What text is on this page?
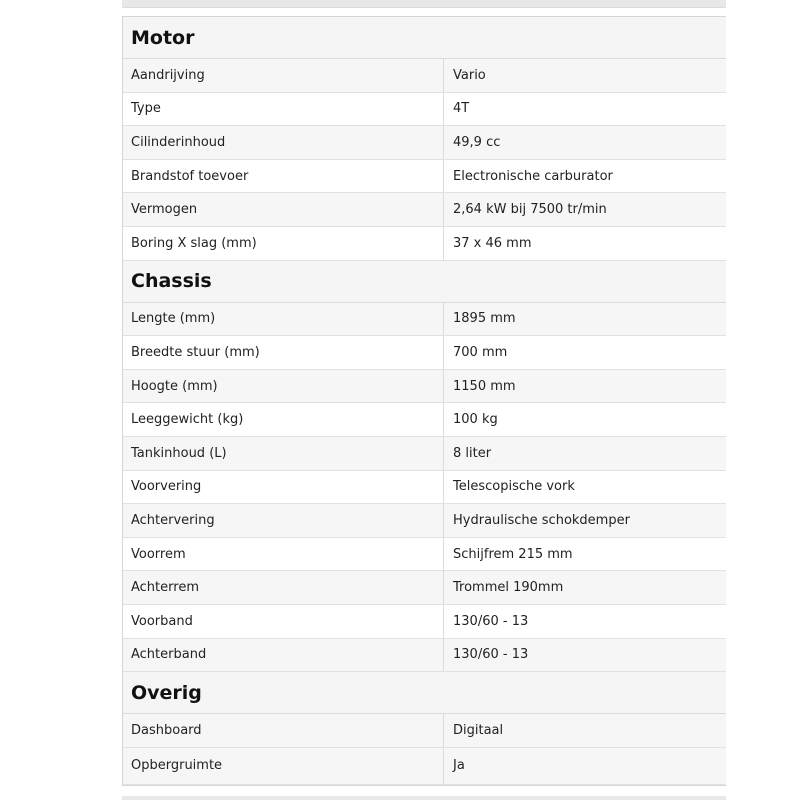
Motor
Aandrijving	Vario
Type	4T
Cilinderinhoud	49,9 cc
Brandstof toevoer	Electronische carburator
Vermogen	2,64 kW bij 7500 tr/min
Boring X slag (mm)	37 x 46 mm
Chassis
Lengte (mm)	1895 mm
Breedte stuur (mm)	700 mm
Hoogte (mm)	1150 mm
Leeggewicht (kg)	100 kg
Tankinhoud (L)	8 liter
Voorvering	Telescopische vork
Achtervering	Hydraulische schokdemper
Voorrem	Schijfrem 215 mm
Achterrem	Trommel 190mm
Voorband	130/60 - 13
Achterband	130/60 - 13
Overig
Dashboard	Digitaal
Opbergruimte	Ja
